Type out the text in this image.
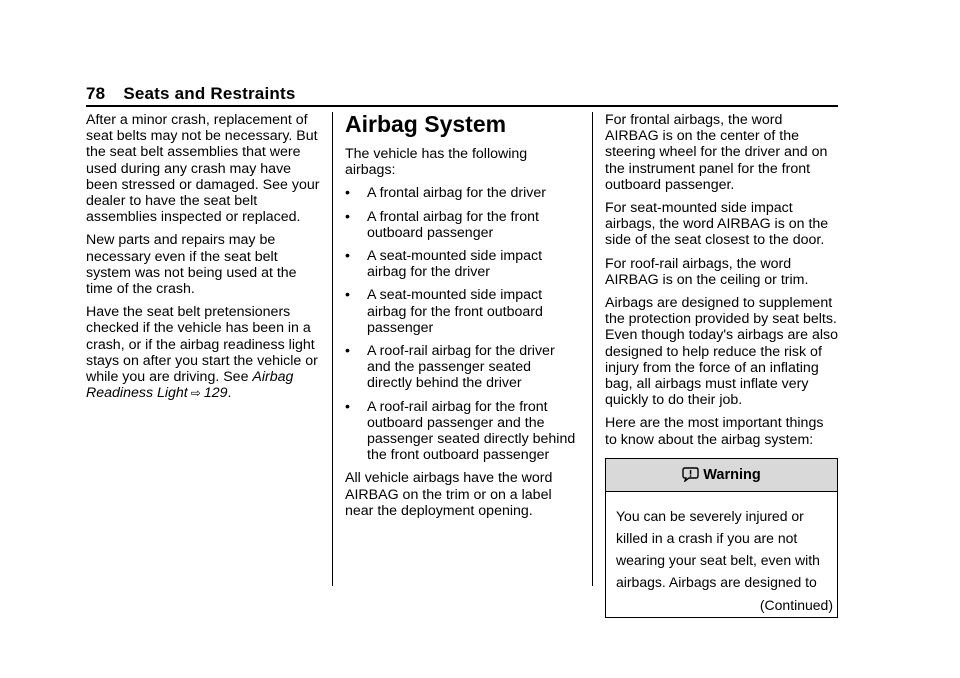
78 Seats and Restraints

After a minor crash, replacement of seat belts may not be necessary. But the seat belt assemblies that were used during any crash may have been stressed or damaged. See your dealer to have the seat belt assemblies inspected or replaced.

New parts and repairs may be necessary even if the seat belt system was not being used at the time of the crash.

Have the seat belt pretensioners checked if the vehicle has been in a crash, or if the airbag readiness light stays on after you start the vehicle or while you are driving. See Airbag Readiness Light ⇨ 129.

Airbag System

The vehicle has the following airbags:

•	A frontal airbag for the driver
•	A frontal airbag for the front outboard passenger
•	A seat-mounted side impact airbag for the driver
•	A seat-mounted side impact airbag for the front outboard passenger
•	A roof-rail airbag for the driver and the passenger seated directly behind the driver
•	A roof-rail airbag for the front outboard passenger and the passenger seated directly behind the front outboard passenger

All vehicle airbags have the word AIRBAG on the trim or on a label near the deployment opening.

For frontal airbags, the word AIRBAG is on the center of the steering wheel for the driver and on the instrument panel for the front outboard passenger.

For seat-mounted side impact airbags, the word AIRBAG is on the side of the seat closest to the door.

For roof-rail airbags, the word AIRBAG is on the ceiling or trim.

Airbags are designed to supplement the protection provided by seat belts. Even though today's airbags are also designed to help reduce the risk of injury from the force of an inflating bag, all airbags must inflate very quickly to do their job.

Here are the most important things to know about the airbag system:

Warning
You can be severely injured or killed in a crash if you are not wearing your seat belt, even with airbags. Airbags are designed to
(Continued)
